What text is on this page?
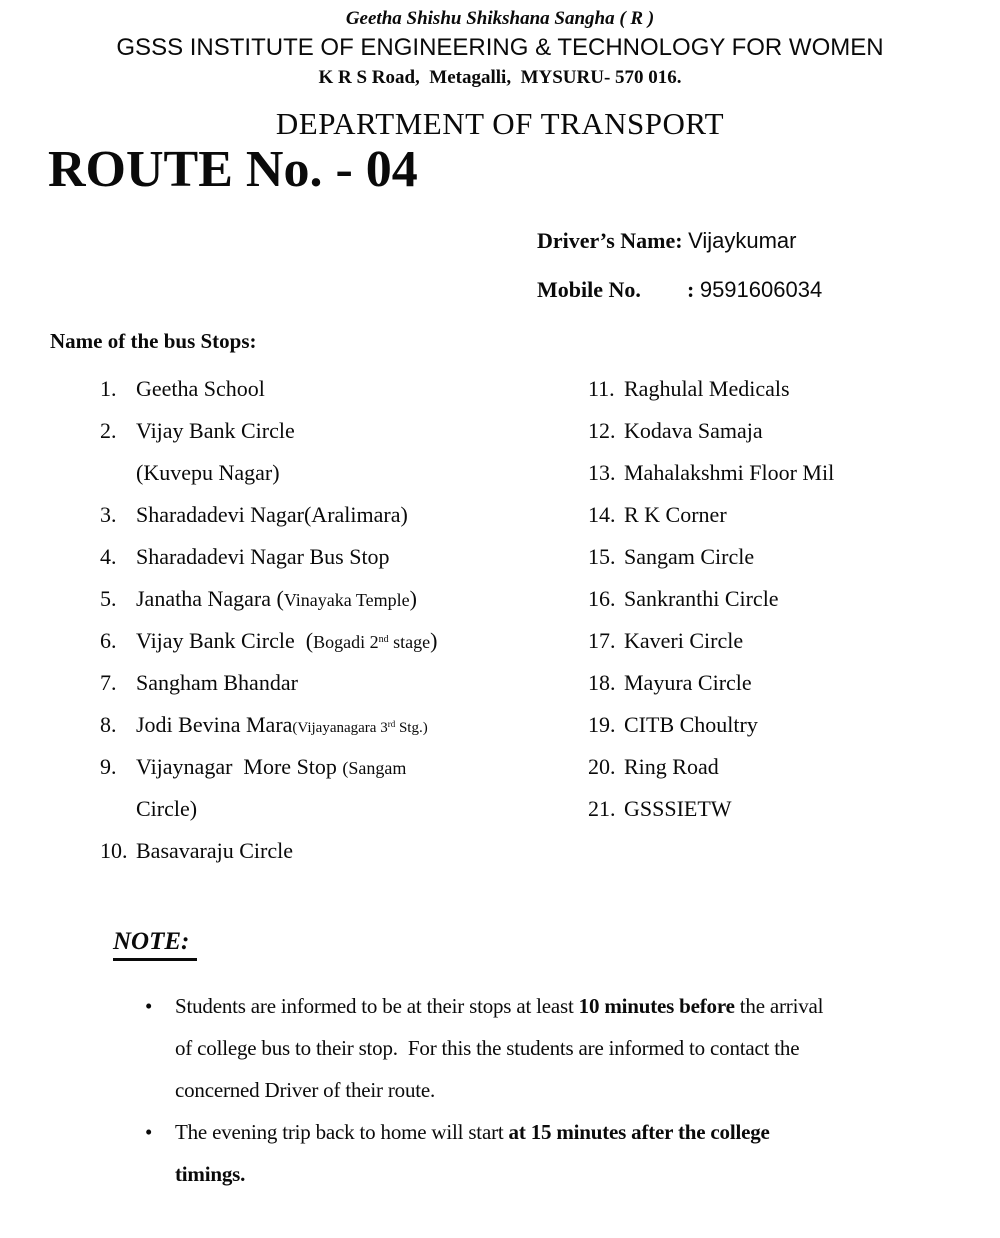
Geetha Shishu Shikshana Sangha ( R )
GSSS INSTITUTE OF ENGINEERING & TECHNOLOGY FOR WOMEN
K R S Road,  Metagalli,  MYSURU- 570 016.
DEPARTMENT OF TRANSPORT
ROUTE No. - 04
Driver’s Name: Vijaykumar
Mobile No. : 9591606034
Name of the bus Stops:
1. Geetha School
2. Vijay Bank Circle
(Kuvepu Nagar)
3. Sharadadevi Nagar(Aralimara)
4. Sharadadevi Nagar Bus Stop
5. Janatha Nagara (Vinayaka Temple)
6. Vijay Bank Circle  (Bogadi 2nd stage)
7. Sangham Bhandar
8. Jodi Bevina Mara(Vijayanagara 3rd Stg.)
9. Vijaynagar  More Stop (Sangam
Circle)
10. Basavaraju Circle
11. Raghulal Medicals
12. Kodava Samaja
13. Mahalakshmi Floor Mil
14. R K Corner
15. Sangam Circle
16. Sankranthi Circle
17. Kaveri Circle
18. Mayura Circle
19. CITB Choultry
20. Ring Road
21. GSSSIETW
NOTE:
•	Students are informed to be at their stops at least 10 minutes before the arrival
of college bus to their stop.  For this the students are informed to contact the
concerned Driver of their route.
•	The evening trip back to home will start at 15 minutes after the college
timings.
